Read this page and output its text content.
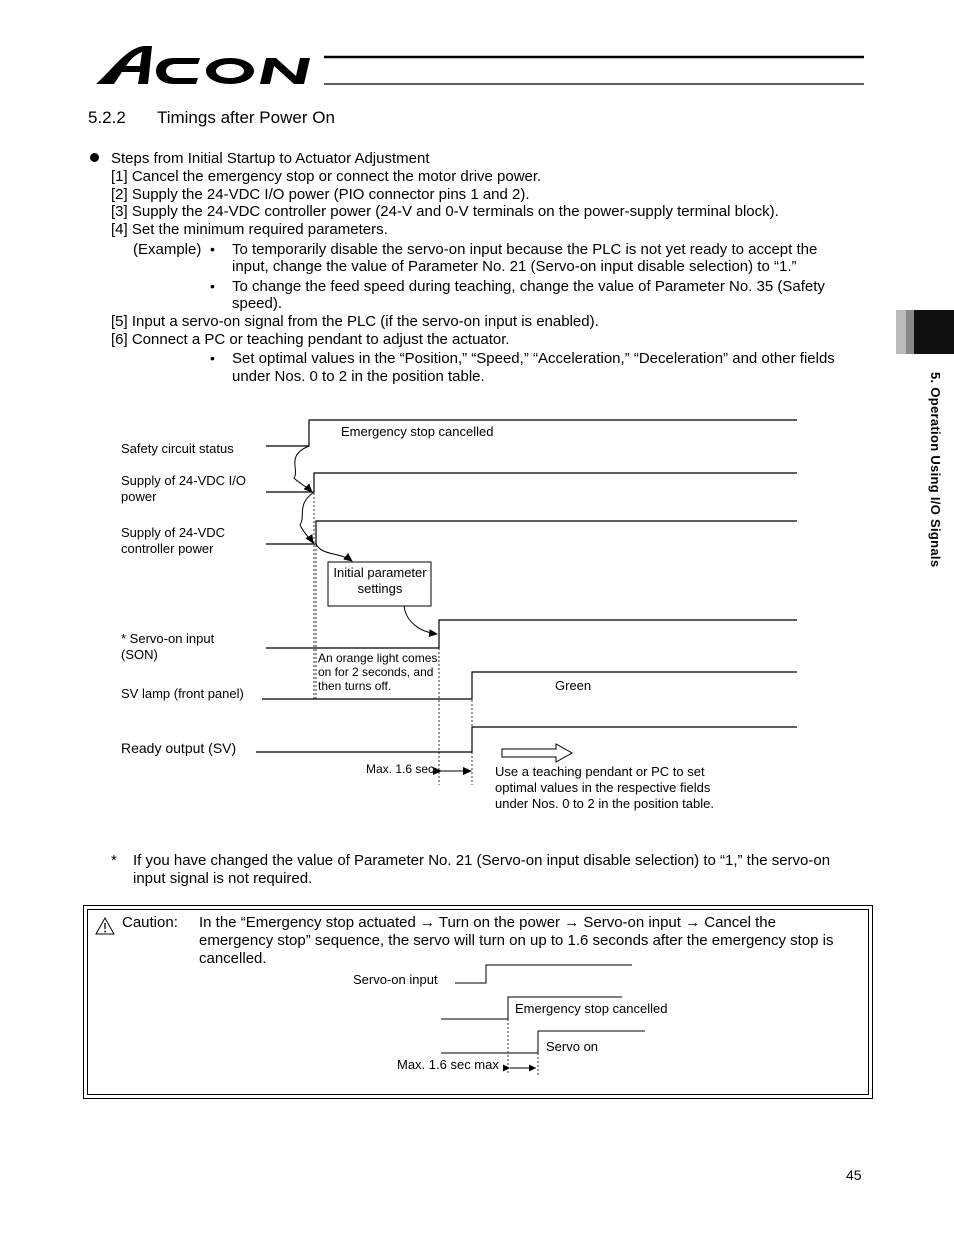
ACON
5.2.2 Timings after Power On
Steps from Initial Startup to Actuator Adjustment
[1] Cancel the emergency stop or connect the motor drive power.
[2] Supply the 24-VDC I/O power (PIO connector pins 1 and 2).
[3] Supply the 24-VDC controller power (24-V and 0-V terminals on the power-supply terminal block).
[4] Set the minimum required parameters.
(Example) • To temporarily disable the servo-on input because the PLC is not yet ready to accept the
input, change the value of Parameter No. 21 (Servo-on input disable selection) to “1.”
• To change the feed speed during teaching, change the value of Parameter No. 35 (Safety
speed).
[5] Input a servo-on signal from the PLC (if the servo-on input is enabled).
[6] Connect a PC or teaching pendant to adjust the actuator.
• Set optimal values in the “Position,” “Speed,” “Acceleration,” “Deceleration” and other fields
under Nos. 0 to 2 in the position table.
Emergency stop cancelled
Safety circuit status
Supply of 24-VDC I/O
power
Supply of 24-VDC
controller power
Initial parameter
settings
* Servo-on input
(SON)	An orange light comes
on for 2 seconds, and
then turns off.	Green
SV lamp (front panel)
Ready output (SV)
Max. 1.6 sec	Use a teaching pendant or PC to set
optimal values in the respective fields
under Nos. 0 to 2 in the position table.
* If you have changed the value of Parameter No. 21 (Servo-on input disable selection) to “1,” the servo-on
input signal is not required.
Caution: In the “Emergency stop actuated → Turn on the power → Servo-on input → Cancel the
emergency stop” sequence, the servo will turn on up to 1.6 seconds after the emergency stop is
cancelled.
Servo-on input
Emergency stop cancelled
Servo on
Max. 1.6 sec max
5. Operation Using I/O Signals
45
